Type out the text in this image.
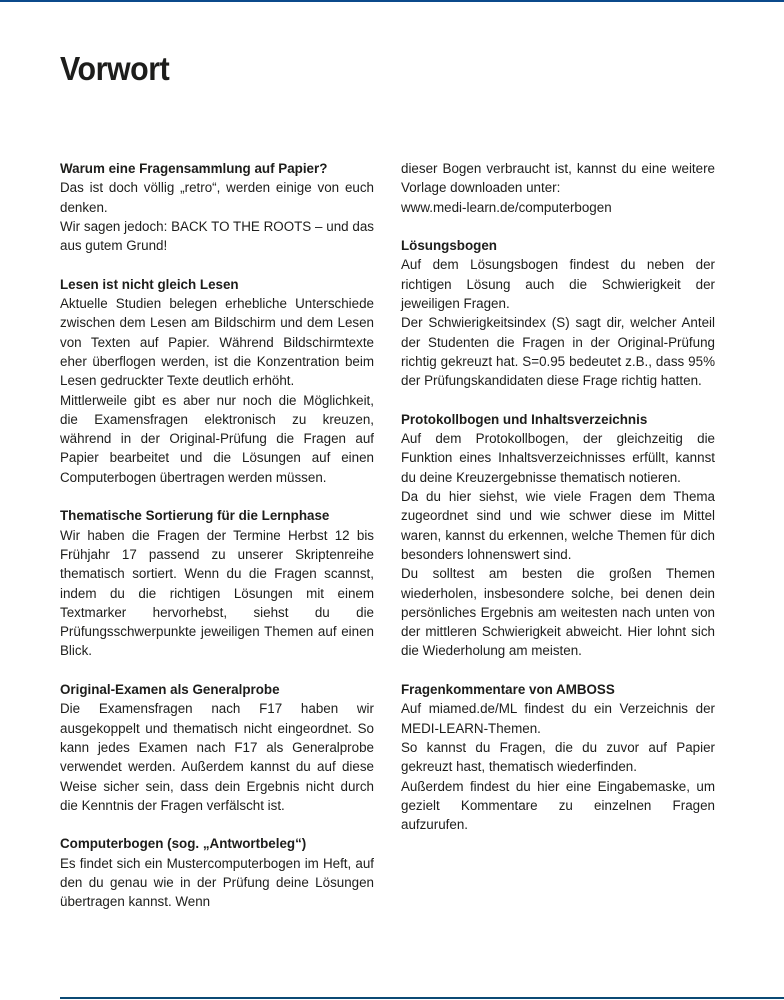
Vorwort
Warum eine Fragensammlung auf Papier?

Das ist doch völlig „retro“, werden einige von euch denken.

Wir sagen jedoch: BACK TO THE ROOTS – und das aus gutem Grund!

Lesen ist nicht gleich Lesen

Aktuelle Studien belegen erhebliche Unterschiede zwischen dem Lesen am Bildschirm und dem Lesen von Texten auf Papier. Während Bildschirmtexte eher überflogen werden, ist die Konzentration beim Lesen gedruckter Texte deutlich erhöht.

Mittlerweile gibt es aber nur noch die Möglichkeit, die Examensfragen elektronisch zu kreuzen, während in der Original-Prüfung die Fragen auf Papier bearbeitet und die Lösungen auf einen Computerbogen übertragen werden müssen.

Thematische Sortierung für die Lernphase

Wir haben die Fragen der Termine Herbst 12 bis Frühjahr 17 passend zu unserer Skriptenreihe thematisch sortiert. Wenn du die Fragen scannst, indem du die richtigen Lösungen mit einem Textmarker hervorhebst, siehst du die Prüfungsschwerpunkte jeweiligen Themen auf einen Blick.

Original-Examen als Generalprobe

Die Examensfragen nach F17 haben wir ausgekoppelt und thematisch nicht eingeordnet. So kann jedes Examen nach F17 als Generalprobe verwendet werden. Außerdem kannst du auf diese Weise sicher sein, dass dein Ergebnis nicht durch die Kenntnis der Fragen verfälscht ist.

Computerbogen (sog. „Antwortbeleg“)

Es findet sich ein Mustercomputerbogen im Heft, auf den du genau wie in der Prüfung deine Lösungen übertragen kannst. Wenn

dieser Bogen verbraucht ist, kannst du eine weitere Vorlage downloaden unter:

www.medi-learn.de/computerbogen

Lösungsbogen

Auf dem Lösungsbogen findest du neben der richtigen Lösung auch die Schwierigkeit der jeweiligen Fragen.

Der Schwierigkeitsindex (S) sagt dir, welcher Anteil der Studenten die Fragen in der Original-Prüfung richtig gekreuzt hat. S=0.95 bedeutet z.B., dass 95% der Prüfungskandidaten diese Frage richtig hatten.

Protokollbogen und Inhaltsverzeichnis

Auf dem Protokollbogen, der gleichzeitig die Funktion eines Inhaltsverzeichnisses erfüllt, kannst du deine Kreuzergebnisse thematisch notieren.

Da du hier siehst, wie viele Fragen dem Thema zugeordnet sind und wie schwer diese im Mittel waren, kannst du erkennen, welche Themen für dich besonders lohnenswert sind.

Du solltest am besten die großen Themen wiederholen, insbesondere solche, bei denen dein persönliches Ergebnis am weitesten nach unten von der mittleren Schwierigkeit abweicht. Hier lohnt sich die Wiederholung am meisten.

Fragenkommentare von AMBOSS

Auf miamed.de/ML findest du ein Verzeichnis der MEDI-LEARN-Themen.

So kannst du Fragen, die du zuvor auf Papier gekreuzt hast, thematisch wiederfinden.

Außerdem findest du hier eine Eingabemaske, um gezielt Kommentare zu einzelnen Fragen aufzurufen.
